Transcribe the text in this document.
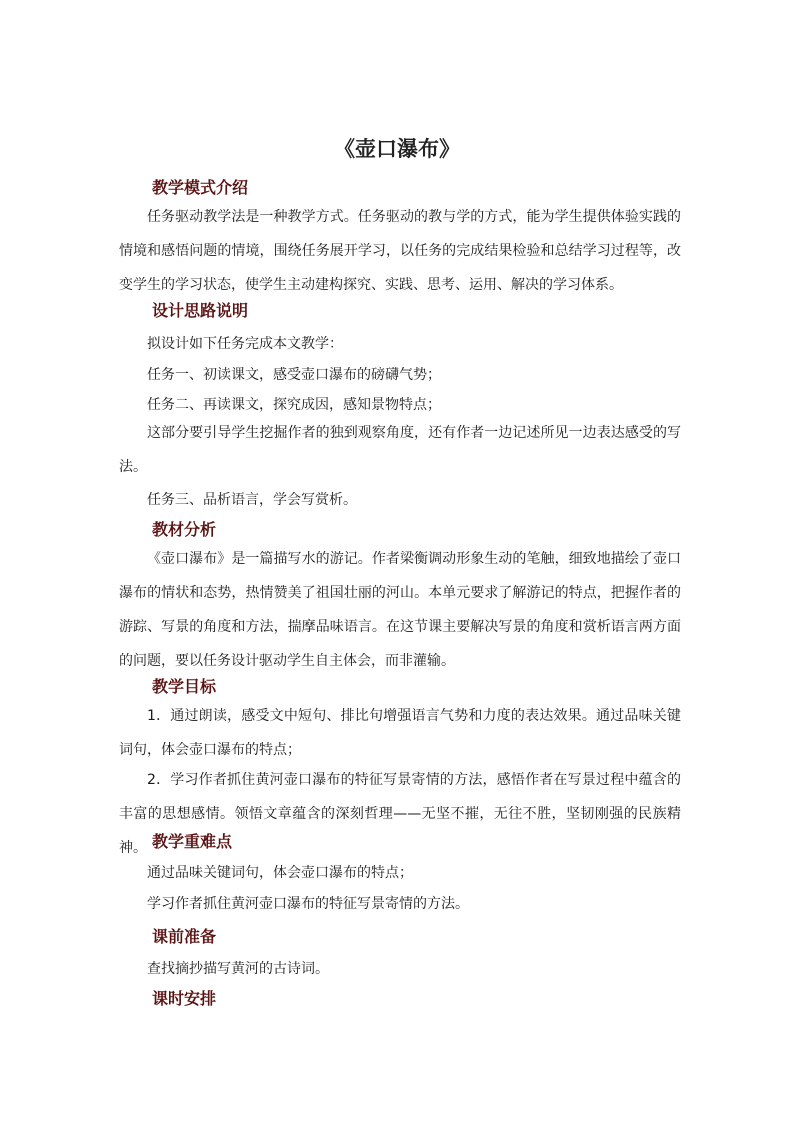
《壶口瀑布》
教学模式介绍
任务驱动教学法是一种教学方式。任务驱动的教与学的方式，能为学生提供体验实践的情境和感悟问题的情境，围绕任务展开学习，以任务的完成结果检验和总结学习过程等，改变学生的学习状态，使学生主动建构探究、实践、思考、运用、解决的学习体系。
设计思路说明
拟设计如下任务完成本文教学：
任务一、初读课文，感受壶口瀑布的磅礴气势；
任务二、再读课文，探究成因，感知景物特点；
这部分要引导学生挖掘作者的独到观察角度，还有作者一边记述所见一边表达感受的写法。
任务三、品析语言，学会写赏析。
教材分析
《壶口瀑布》是一篇描写水的游记。作者梁衡调动形象生动的笔触，细致地描绘了壶口瀑布的情状和态势，热情赞美了祖国壮丽的河山。本单元要求了解游记的特点，把握作者的游踪、写景的角度和方法，揣摩品味语言。在这节课主要解决写景的角度和赏析语言两方面的问题，要以任务设计驱动学生自主体会，而非灌输。
教学目标
1．通过朗读，感受文中短句、排比句增强语言气势和力度的表达效果。通过品味关键词句，体会壶口瀑布的特点；
2．学习作者抓住黄河壶口瀑布的特征写景寄情的方法，感悟作者在写景过程中蕴含的丰富的思想感情。领悟文章蕴含的深刻哲理——无坚不摧，无往不胜，坚韧刚强的民族精神。 教学重难点
通过品味关键词句，体会壶口瀑布的特点；
学习作者抓住黄河壶口瀑布的特征写景寄情的方法。
课前准备
查找摘抄描写黄河的古诗词。
课时安排
